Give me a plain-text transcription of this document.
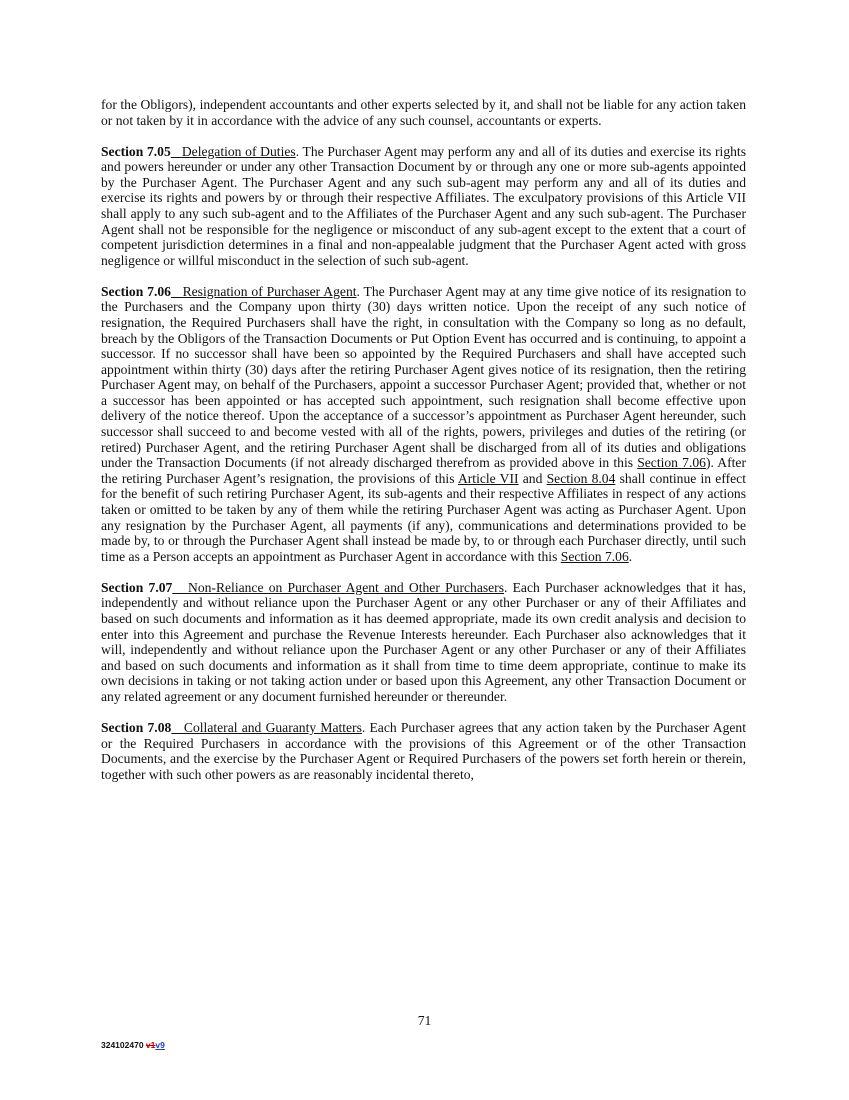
for the Obligors), independent accountants and other experts selected by it, and shall not be liable for any action taken or not taken by it in accordance with the advice of any such counsel, accountants or experts.

Section 7.05 Delegation of Duties. The Purchaser Agent may perform any and all of its duties and exercise its rights and powers hereunder or under any other Transaction Document by or through any one or more sub-agents appointed by the Purchaser Agent. The Purchaser Agent and any such sub-agent may perform any and all of its duties and exercise its rights and powers by or through their respective Affiliates. The exculpatory provisions of this Article VII shall apply to any such sub-agent and to the Affiliates of the Purchaser Agent and any such sub-agent. The Purchaser Agent shall not be responsible for the negligence or misconduct of any sub-agent except to the extent that a court of competent jurisdiction determines in a final and non-appealable judgment that the Purchaser Agent acted with gross negligence or willful misconduct in the selection of such sub-agent.

Section 7.06 Resignation of Purchaser Agent. The Purchaser Agent may at any time give notice of its resignation to the Purchasers and the Company upon thirty (30) days written notice. Upon the receipt of any such notice of resignation, the Required Purchasers shall have the right, in consultation with the Company so long as no default, breach by the Obligors of the Transaction Documents or Put Option Event has occurred and is continuing, to appoint a successor. If no successor shall have been so appointed by the Required Purchasers and shall have accepted such appointment within thirty (30) days after the retiring Purchaser Agent gives notice of its resignation, then the retiring Purchaser Agent may, on behalf of the Purchasers, appoint a successor Purchaser Agent; provided that, whether or not a successor has been appointed or has accepted such appointment, such resignation shall become effective upon delivery of the notice thereof. Upon the acceptance of a successor’s appointment as Purchaser Agent hereunder, such successor shall succeed to and become vested with all of the rights, powers, privileges and duties of the retiring (or retired) Purchaser Agent, and the retiring Purchaser Agent shall be discharged from all of its duties and obligations under the Transaction Documents (if not already discharged therefrom as provided above in this Section 7.06). After the retiring Purchaser Agent’s resignation, the provisions of this Article VII and Section 8.04 shall continue in effect for the benefit of such retiring Purchaser Agent, its sub-agents and their respective Affiliates in respect of any actions taken or omitted to be taken by any of them while the retiring Purchaser Agent was acting as Purchaser Agent. Upon any resignation by the Purchaser Agent, all payments (if any), communications and determinations provided to be made by, to or through the Purchaser Agent shall instead be made by, to or through each Purchaser directly, until such time as a Person accepts an appointment as Purchaser Agent in accordance with this Section 7.06.

Section 7.07 Non-Reliance on Purchaser Agent and Other Purchasers. Each Purchaser acknowledges that it has, independently and without reliance upon the Purchaser Agent or any other Purchaser or any of their Affiliates and based on such documents and information as it has deemed appropriate, made its own credit analysis and decision to enter into this Agreement and purchase the Revenue Interests hereunder. Each Purchaser also acknowledges that it will, independently and without reliance upon the Purchaser Agent or any other Purchaser or any of their Affiliates and based on such documents and information as it shall from time to time deem appropriate, continue to make its own decisions in taking or not taking action under or based upon this Agreement, any other Transaction Document or any related agreement or any document furnished hereunder or thereunder.

Section 7.08 Collateral and Guaranty Matters. Each Purchaser agrees that any action taken by the Purchaser Agent or the Required Purchasers in accordance with the provisions of this Agreement or of the other Transaction Documents, and the exercise by the Purchaser Agent or Required Purchasers of the powers set forth herein or therein, together with such other powers as are reasonably incidental thereto,

71
324102470 v1v9
